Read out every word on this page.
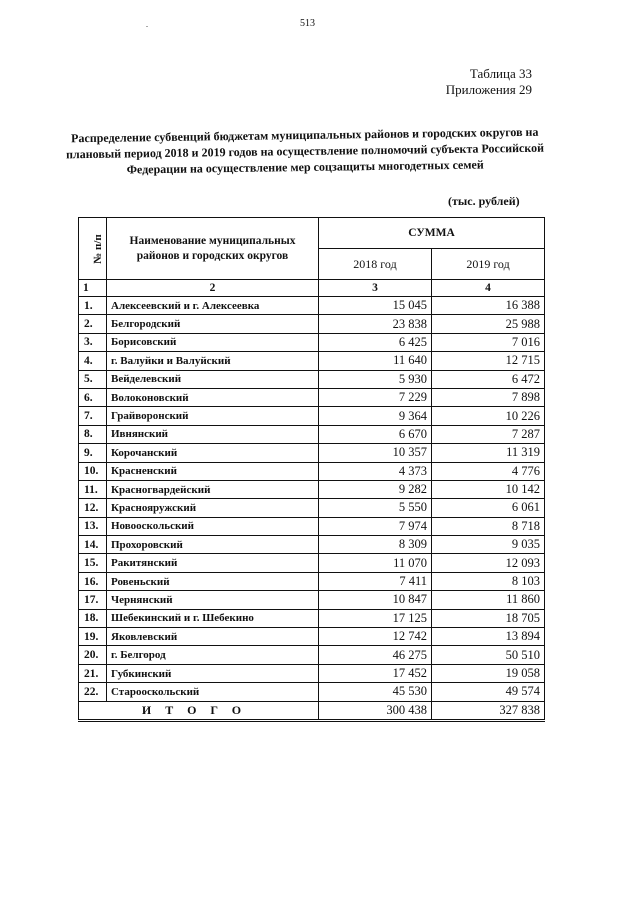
.	513
Таблица 33
Приложения 29
Распределение субвенций бюджетам муниципальных районов и городских округов на плановый период 2018 и 2019 годов на осуществление полномочий субъекта Российской Федерации на осуществление мер соцзащиты многодетных семей
(тыс. рублей)
№ п/п	Наименование муниципальных районов и городских округов	СУММА	
		2018 год	2019 год
1	2	3	4
1.	Алексеевский и г. Алексеевка	15 045	16 388
2.	Белгородский	23 838	25 988
3.	Борисовский	6 425	7 016
4.	г. Валуйки и Валуйский	11 640	12 715
5.	Вейделевский	5 930	6 472
6.	Волоконовский	7 229	7 898
7.	Грайворонский	9 364	10 226
8.	Ивнянский	6 670	7 287
9.	Корочанский	10 357	11 319
10.	Красненский	4 373	4 776
11.	Красногвардейский	9 282	10 142
12.	Краснояружский	5 550	6 061
13.	Новооскольский	7 974	8 718
14.	Прохоровский	8 309	9 035
15.	Ракитянский	11 070	12 093
16.	Ровеньский	7 411	8 103
17.	Чернянский	10 847	11 860
18.	Шебекинский и г. Шебекино	17 125	18 705
19.	Яковлевский	12 742	13 894
20.	г. Белгород	46 275	50 510
21.	Губкинский	17 452	19 058
22.	Старооскольский	45 530	49 574
ИТОГО		300 438	327 838
